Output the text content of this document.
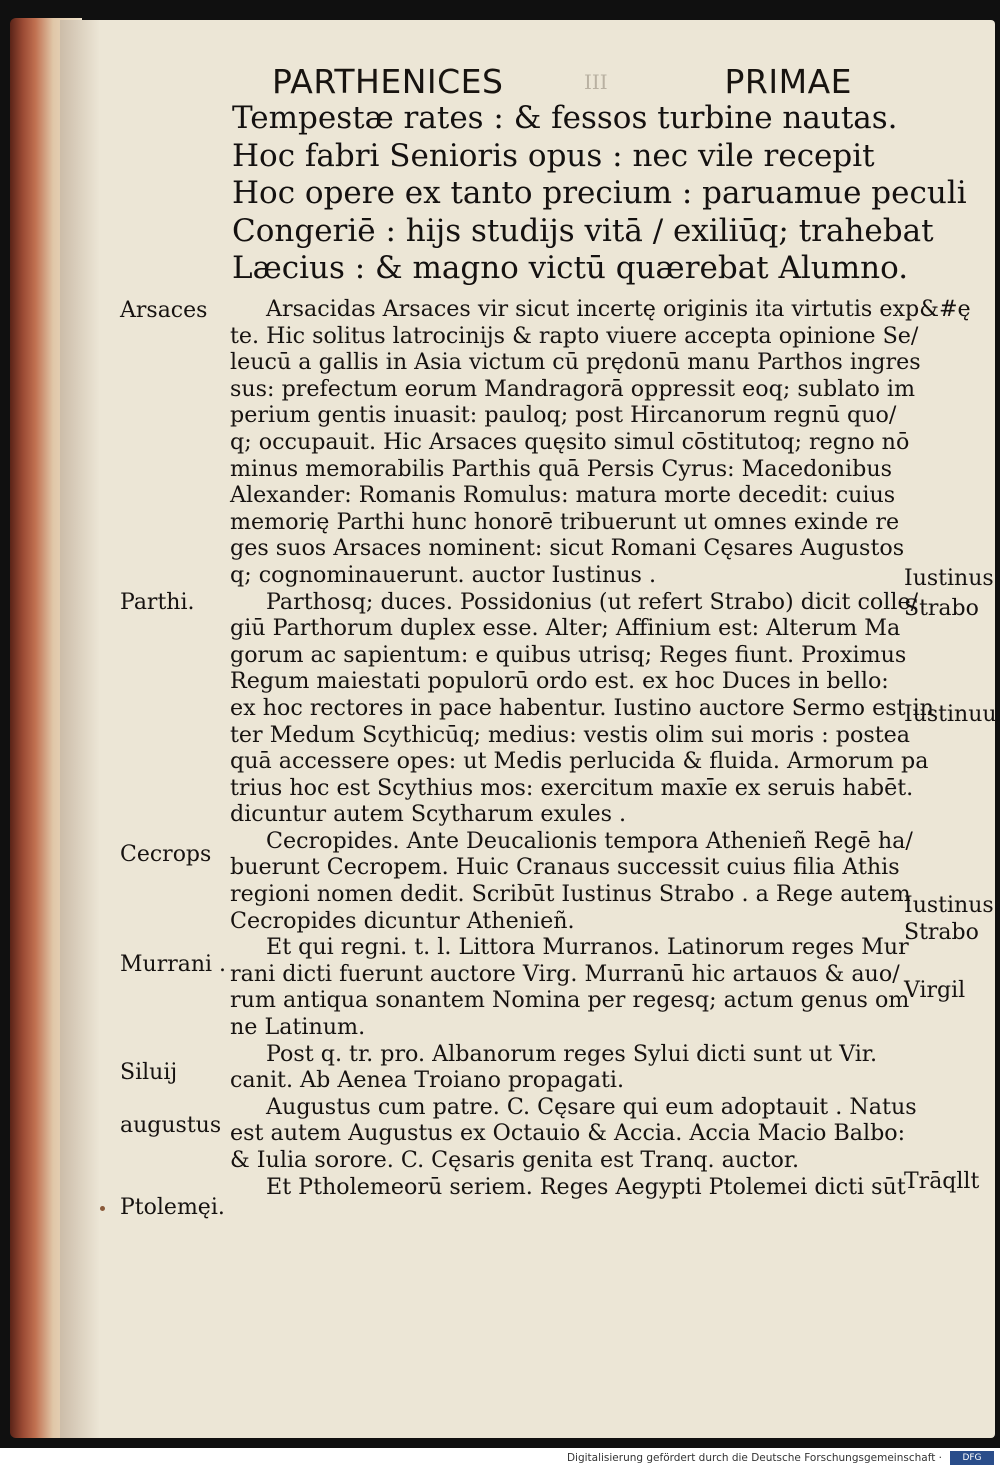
PARTHENICES	III	PRIMAE
Tempestæ rates : & fessos turbine nautas.
Hoc fabri Senioris opus : nec vile recepit
Hoc opere ex tanto precium : paruamue peculi
Congeriē : hijs studijs vitā / exiliūq; trahebat
Læcius : & magno victū quærebat Alumno.
Arsacidas Arsaces vir sicut incertę originis ita virtutis exp&#ę
te. Hic solitus latrocinijs & rapto viuere accepta opinione Se/
leucū a gallis in Asia victum cū prędonū manu Parthos ingres
sus: prefectum eorum Mandragorā oppressit eoq; sublato im
perium gentis inuasit: pauloq; post Hircanorum regnū quo/
q; occupauit. Hic Arsaces quęsito simul cōstitutoq; regno nō
minus memorabilis Parthis quā Persis Cyrus: Macedonibus
Alexander: Romanis Romulus: matura morte decedit: cuius
memorię Parthi hunc honorē tribuerunt ut omnes exinde re
ges suos Arsaces nominent: sicut Romani Cęsares Augustos
q; cognominauerunt. auctor Iustinus .
Parthosq; duces. Possidonius (ut refert Strabo) dicit colle/
giū Parthorum duplex esse. Alter; Affinium est: Alterum Ma
gorum ac sapientum: e quibus utrisq; Reges fiunt. Proximus
Regum maiestati populorū ordo est. ex hoc Duces in bello:
ex hoc rectores in pace habentur. Iustino auctore Sermo est in
ter Medum Scythicūq; medius: vestis olim sui moris : postea
quā accessere opes: ut Medis perlucida & fluida. Armorum pa
trius hoc est Scythius mos: exercitum maxīe ex seruis habēt.
dicuntur autem Scytharum exules .
Cecropides. Ante Deucalionis tempora Athenieñ Regē ha/
buerunt Cecropem. Huic Cranaus successit cuius filia Athis
regioni nomen dedit. Scribūt Iustinus Strabo . a Rege autem
Cecropides dicuntur Athenieñ.
Et qui regni. t. l. Littora Murranos. Latinorum reges Mur
rani dicti fuerunt auctore Virg. Murranū hic artauos & auo/
rum antiqua sonantem Nomina per regesq; actum genus om
ne Latinum.
Post q. tr. pro. Albanorum reges Sylui dicti sunt ut Vir.
canit. Ab Aenea Troiano propagati.
Augustus cum patre. C. Cęsare qui eum adoptauit . Natus
est autem Augustus ex Octauio & Accia. Accia Macio Balbo:
& Iulia sorore. C. Cęsaris genita est Tranq. auctor.
Et Ptholemeorū seriem. Reges Aegypti Ptolemei dicti sūt
Arsaces
Parthi.
Cecrops
Murrani .
Siluij
augustus
Ptolemęi.
Iustinus
Strabo
Iustinuu
Iustinus
Strabo
Virgil
Trāqllt
Digitalisierung gefördert durch die Deutsche Forschungsgemeinschaft ·	DFG
